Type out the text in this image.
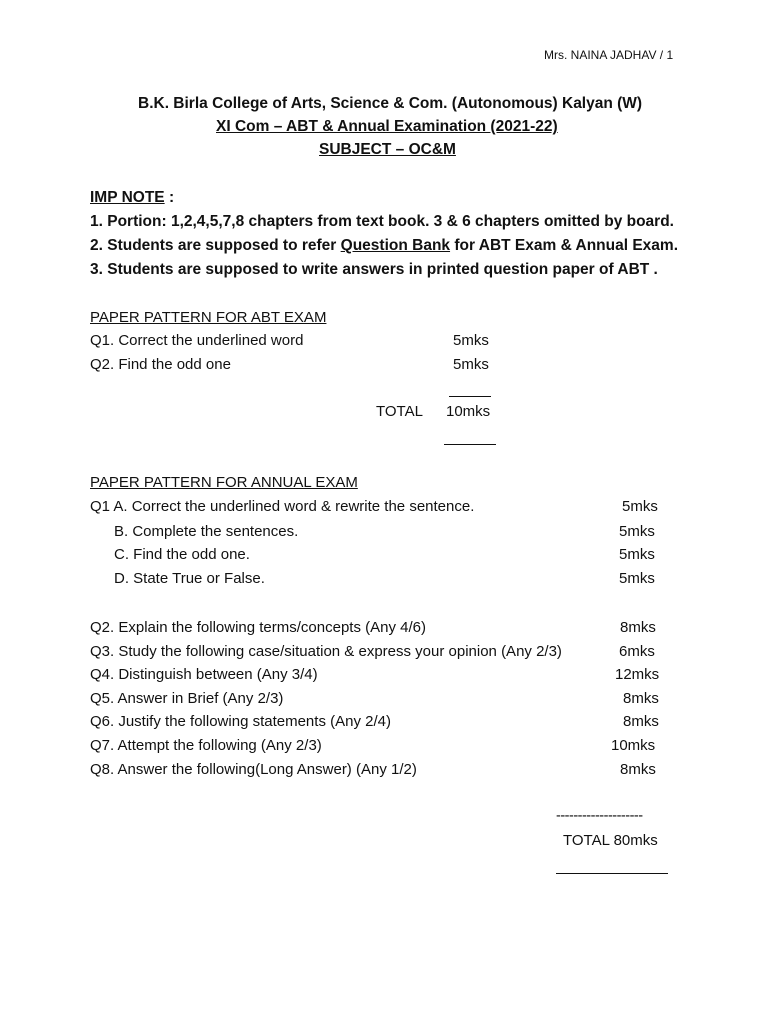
Mrs. NAINA JADHAV / 1
B.K. Birla College of Arts, Science & Com. (Autonomous) Kalyan (W)
XI Com – ABT & Annual Examination (2021-22)
SUBJECT – OC&M
IMP NOTE :
1. Portion: 1,2,4,5,7,8 chapters from text book. 3 & 6 chapters omitted by board.
2. Students are supposed to refer Question Bank for ABT Exam & Annual Exam.
3. Students are supposed to write answers in printed question paper of ABT .
PAPER PATTERN FOR ABT EXAM
Q1. Correct the underlined word	5mks
Q2. Find the odd one	5mks
TOTAL 10mks
PAPER PATTERN FOR ANNUAL EXAM
Q1 A. Correct the underlined word & rewrite the sentence.	5mks
B. Complete the sentences.	5mks
C. Find the odd one.	5mks
D. State True or False.	5mks
Q2. Explain the following terms/concepts (Any 4/6)	8mks
Q3. Study the following case/situation & express your opinion (Any 2/3)	6mks
Q4. Distinguish between (Any 3/4)	12mks
Q5. Answer in Brief (Any 2/3)	8mks
Q6. Justify the following statements (Any 2/4)	8mks
Q7. Attempt the following (Any 2/3)	10mks
Q8. Answer the following(Long Answer) (Any 1/2)	8mks
--------------------
TOTAL 80mks
